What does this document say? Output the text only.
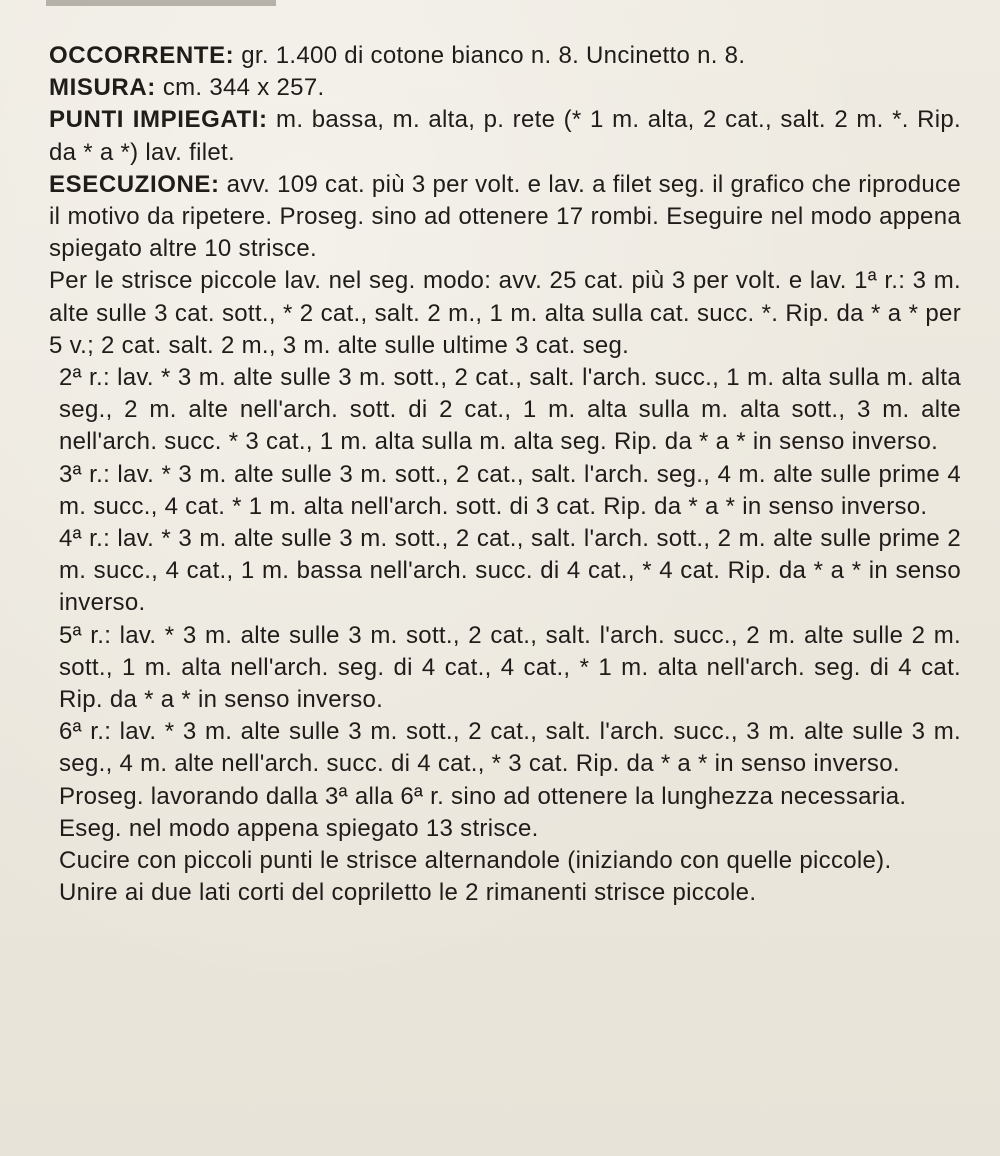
OCCORRENTE: gr. 1.400 di cotone bianco n. 8. Uncinetto n. 8.

MISURA: cm. 344 x 257.

PUNTI IMPIEGATI: m. bassa, m. alta, p. rete (* 1 m. alta, 2 cat., salt. 2 m. *. Rip. da * a *) lav. filet.

ESECUZIONE: avv. 109 cat. più 3 per volt. e lav. a filet seg. il grafico che riproduce il motivo da ripetere. Proseg. sino ad ottenere 17 rombi. Eseguire nel modo appena spiegato altre 10 strisce.

Per le strisce piccole lav. nel seg. modo: avv. 25 cat. più 3 per volt. e lav. 1ª r.: 3 m. alte sulle 3 cat. sott., * 2 cat., salt. 2 m., 1 m. alta sulla cat. succ. *. Rip. da * a * per 5 v.; 2 cat. salt. 2 m., 3 m. alte sulle ultime 3 cat. seg.

2ª r.: lav. * 3 m. alte sulle 3 m. sott., 2 cat., salt. l'arch. succ., 1 m. alta sulla m. alta seg., 2 m. alte nell'arch. sott. di 2 cat., 1 m. alta sulla m. alta sott., 3 m. alte nell'arch. succ. * 3 cat., 1 m. alta sulla m. alta seg. Rip. da * a * in senso inverso.

3ª r.: lav. * 3 m. alte sulle 3 m. sott., 2 cat., salt. l'arch. seg., 4 m. alte sulle prime 4 m. succ., 4 cat. * 1 m. alta nell'arch. sott. di 3 cat. Rip. da * a * in senso inverso.

4ª r.: lav. * 3 m. alte sulle 3 m. sott., 2 cat., salt. l'arch. sott., 2 m. alte sulle prime 2 m. succ., 4 cat., 1 m. bassa nell'arch. succ. di 4 cat., * 4 cat. Rip. da * a * in senso inverso.

5ª r.: lav. * 3 m. alte sulle 3 m. sott., 2 cat., salt. l'arch. succ., 2 m. alte sulle 2 m. sott., 1 m. alta nell'arch. seg. di 4 cat., 4 cat., * 1 m. alta nell'arch. seg. di 4 cat. Rip. da * a * in senso inverso.

6ª r.: lav. * 3 m. alte sulle 3 m. sott., 2 cat., salt. l'arch. succ., 3 m. alte sulle 3 m. seg., 4 m. alte nell'arch. succ. di 4 cat., * 3 cat. Rip. da * a * in senso inverso.

Proseg. lavorando dalla 3ª alla 6ª r. sino ad ottenere la lunghezza necessaria.

Eseg. nel modo appena spiegato 13 strisce.

Cucire con piccoli punti le strisce alternandole (iniziando con quelle piccole).

Unire ai due lati corti del copriletto le 2 rimanenti strisce piccole.
